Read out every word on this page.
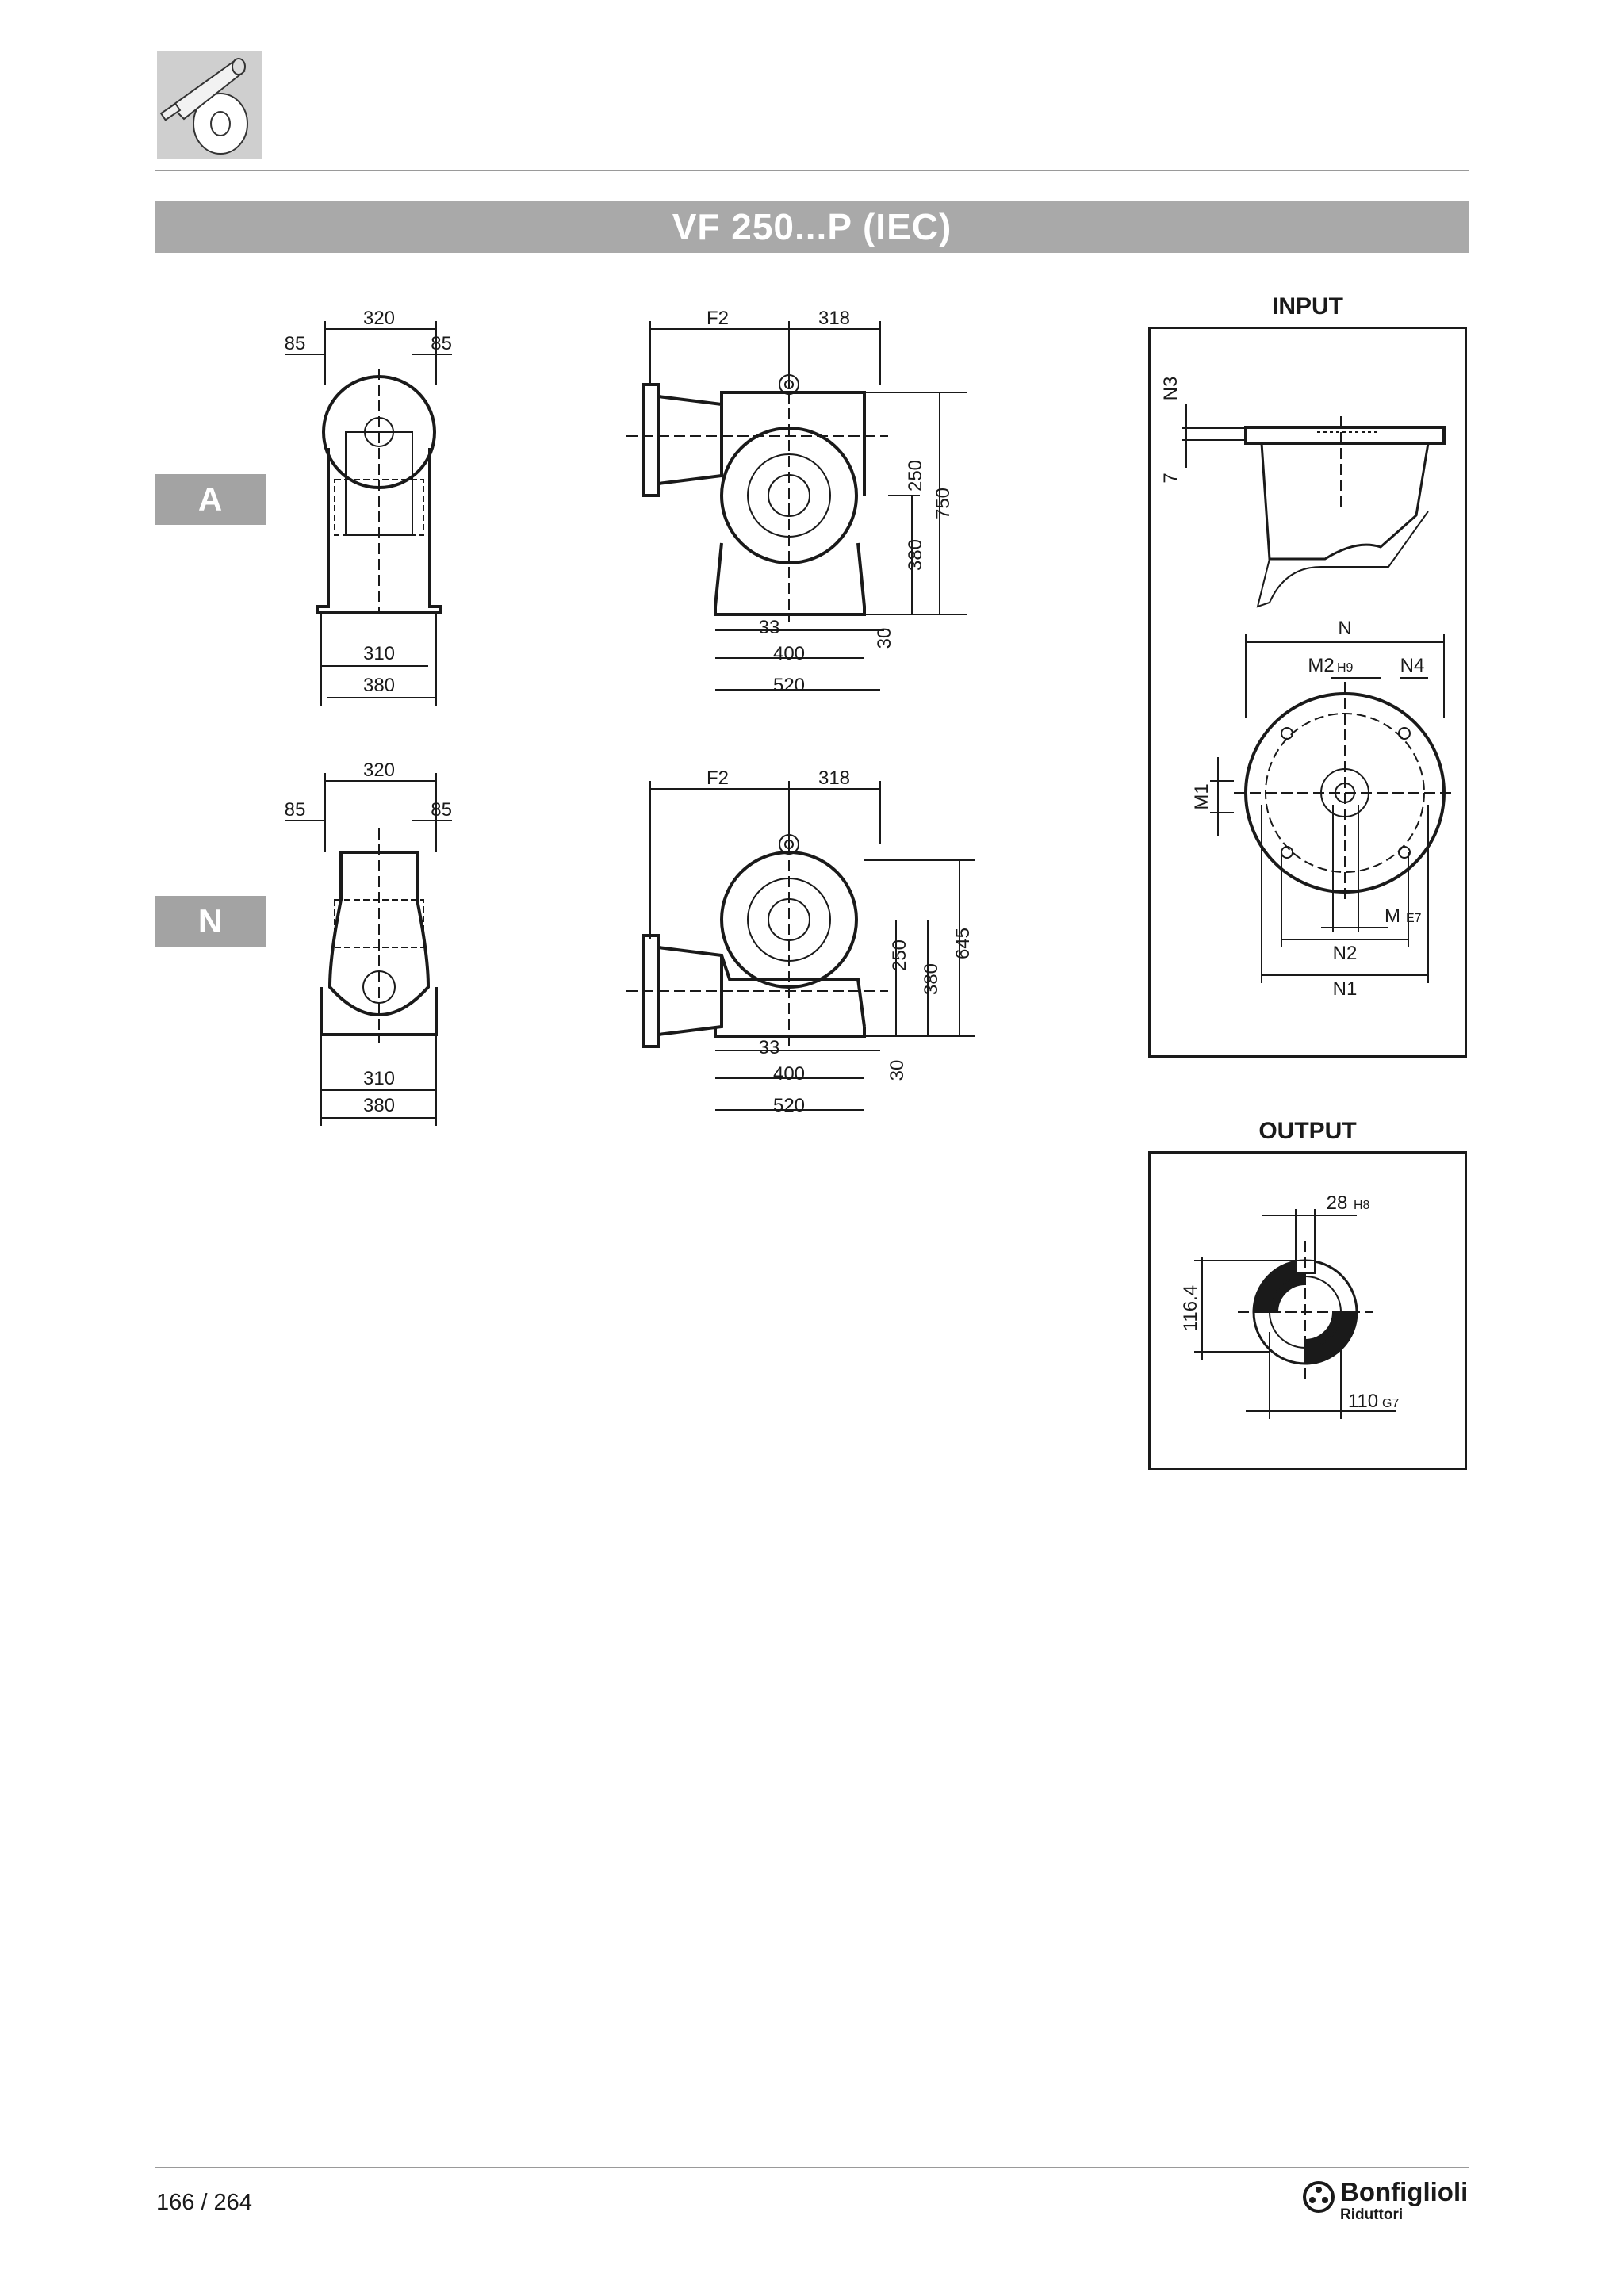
VF 250...P (IEC)
A
N
320
85	85
310
380
F2	318
250
380
750
30
33
400
520
320
85	85
310
380
F2	318
250
380
645
30
33
400
520
INPUT
N3
7
N
M2 H9 N4
M1
M E7
N2
N1
OUTPUT
28 H8
116.4
110 G7
166 / 264	Bonfiglioli
Riduttori
